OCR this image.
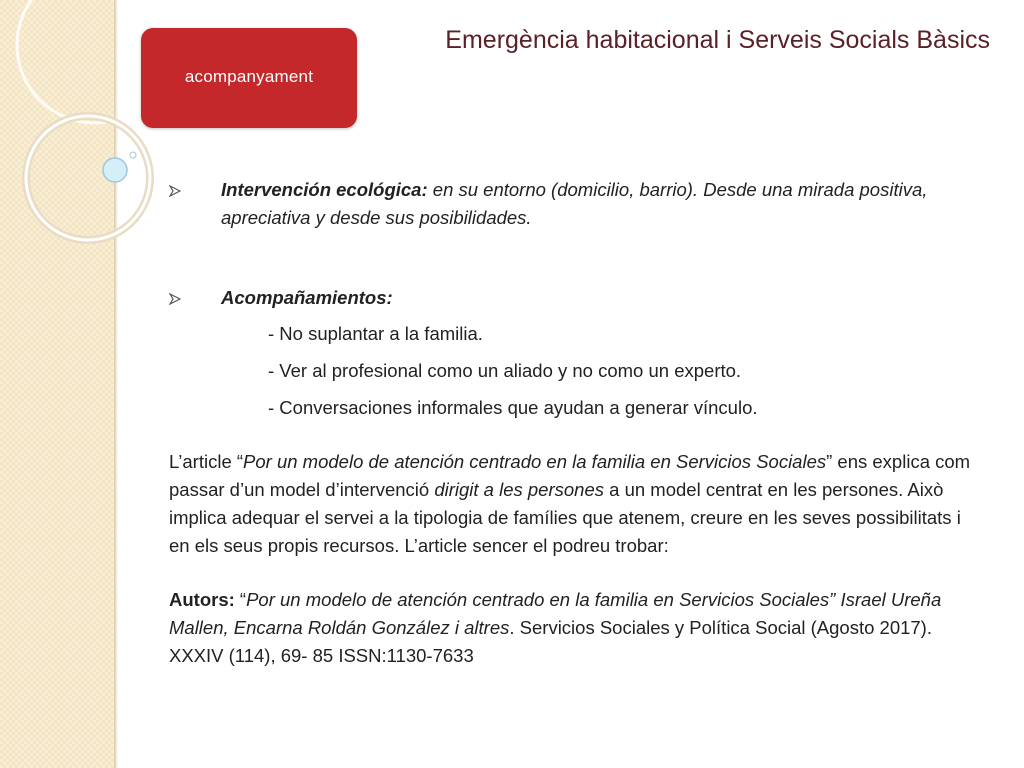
acompanyament
Emergència habitacional i Serveis Socials Bàsics
Intervención ecológica: en su entorno (domicilio, barrio). Desde una mirada positiva, apreciativa y desde sus posibilidades.
Acompañamientos:
- No suplantar a la familia.
- Ver al profesional como un aliado y no como un experto.
- Conversaciones informales que ayudan a generar vínculo.
L’article “Por un modelo de atención centrado en la familia en Servicios Sociales” ens explica com passar d’un model d’intervenció dirigit a les persones a un model centrat en les persones. Això implica adequar el servei a la tipologia de famílies que atenem, creure en les seves possibilitats i en els seus propis recursos. L’article sencer el podreu trobar:
Autors: “Por un modelo de atención centrado en la familia en Servicios Sociales” Israel Ureña Mallen, Encarna Roldán González i altres. Servicios Sociales y Política Social (Agosto 2017). XXXIV (114), 69- 85 ISSN:1130-7633
